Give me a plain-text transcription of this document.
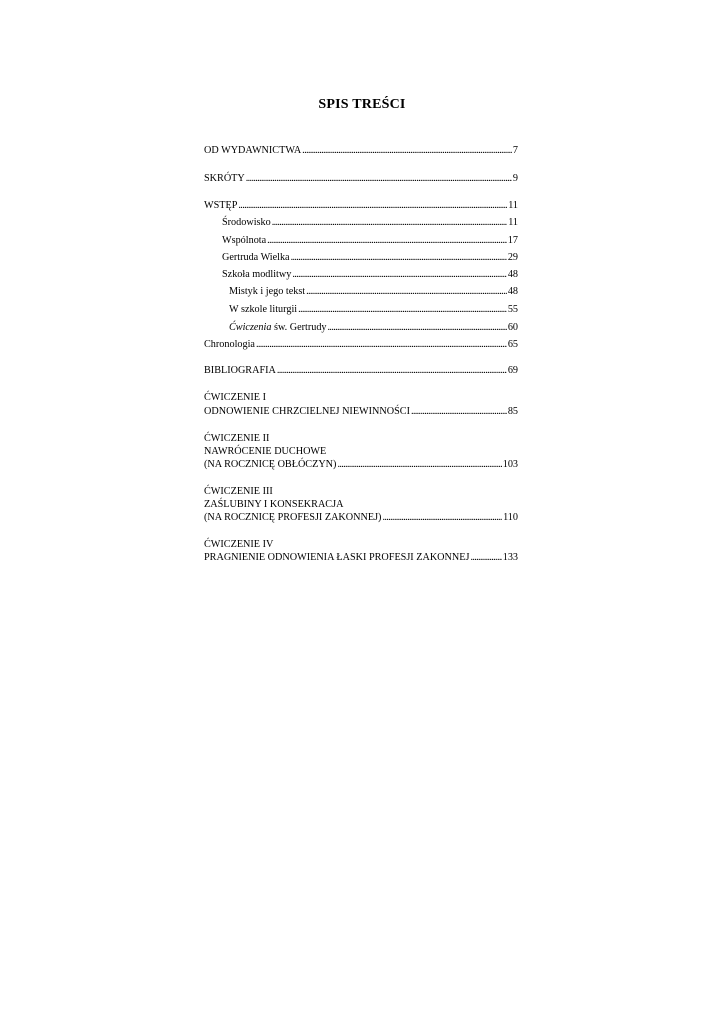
SPIS TREŚCI
OD WYDAWNICTWA . . .	7
SKRÓTY . . .	9
WSTĘP . . .	11
Środowisko . . .	11
Wspólnota . . .	17
Gertruda Wielka . . .	29
Szkoła modlitwy . . .	48
Mistyk i jego tekst . . .	48
W szkole liturgii . . .	55
Ćwiczenia św. Gertrudy . . .	60
Chronologia . . .	65
BIBLIOGRAFIA . . .	69
ĆWICZENIE I
ODNOWIENIE CHRZCIELNEJ NIEWINNOŚCI . . .	85
ĆWICZENIE II
NAWRÓCENIE DUCHOWE
(NA ROCZNICĘ OBŁÓCZYN) . . .	103
ĆWICZENIE III
ZAŚLUBINY I KONSEKRACJA
(NA ROCZNICĘ PROFESJI ZAKONNEJ) . . .	110
ĆWICZENIE IV
PRAGNIENIE ODNOWIENIA ŁASKI PROFESJI ZAKONNEJ . . .	133
